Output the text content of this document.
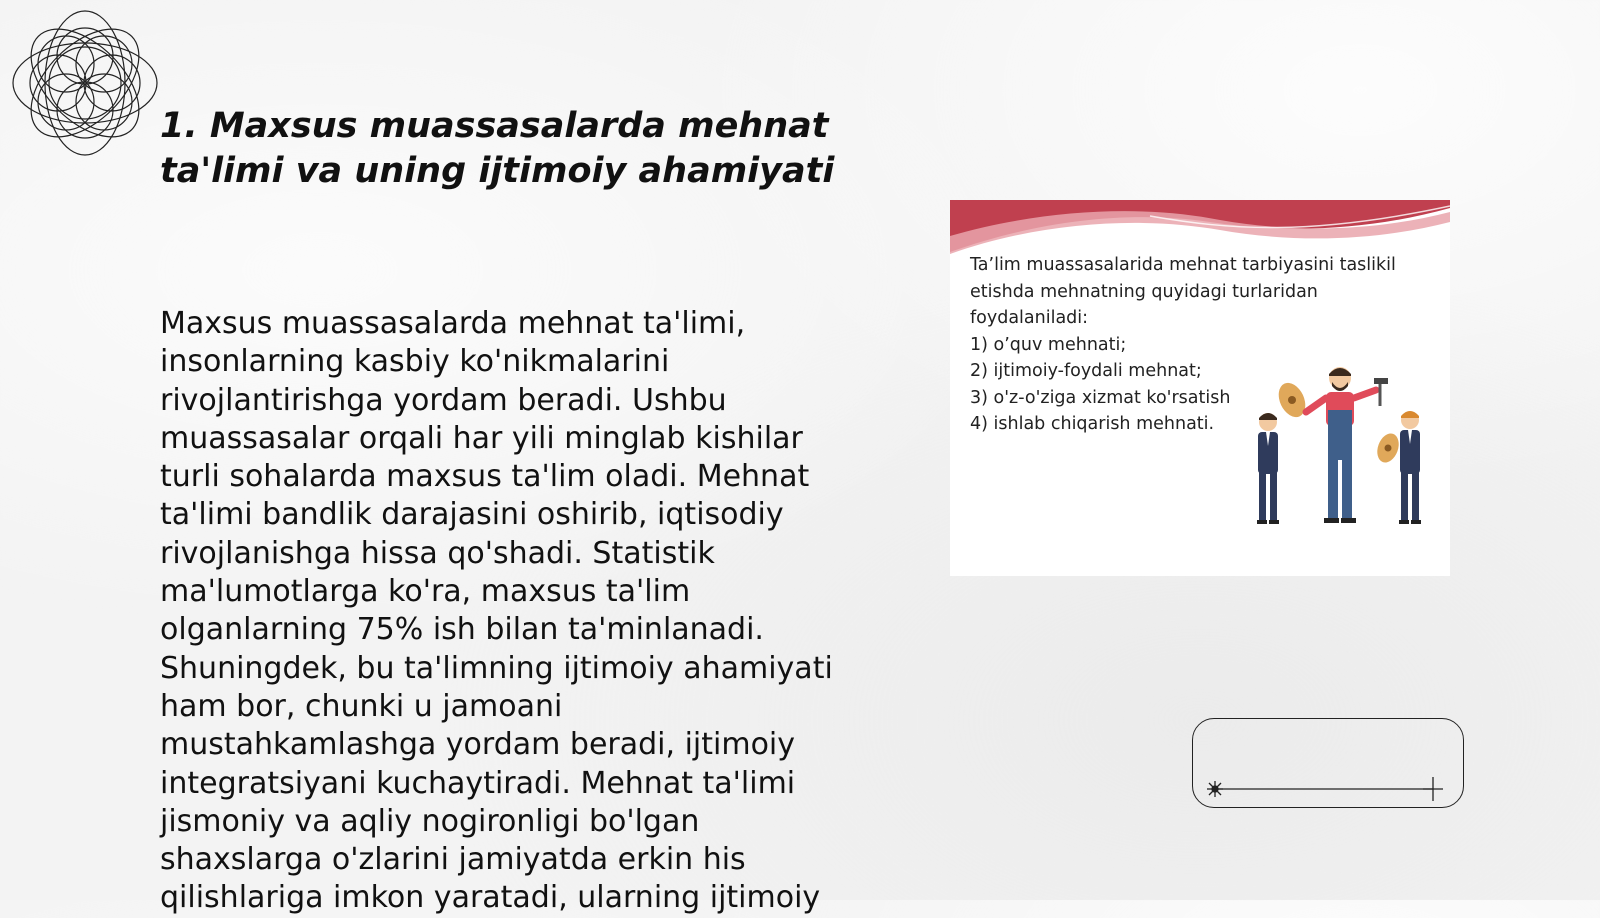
1. Maxsus muassasalarda mehnat ta'limi va uning ijtimoiy ahamiyati

Maxsus muassasalarda mehnat ta'limi, insonlarning kasbiy ko'nikmalarini rivojlantirishga yordam beradi. Ushbu muassasalar orqali har yili minglab kishilar turli sohalarda maxsus ta'lim oladi. Mehnat ta'limi bandlik darajasini oshirib, iqtisodiy rivojlanishga hissa qo'shadi. Statistik ma'lumotlarga ko'ra, maxsus ta'lim olganlarning 75% ish bilan ta'minlanadi. Shuningdek, bu ta'limning ijtimoiy ahamiyati ham bor, chunki u jamoani mustahkamlashga yordam beradi, ijtimoiy integratsiyani kuchaytiradi. Mehnat ta'limi jismoniy va aqliy nogironligi bo'lgan shaxslarga o'zlarini jamiyatda erkin his qilishlariga imkon yaratadi, ularning ijtimoiy

Ta’lim muassasalarida mehnat tarbiyasini taslikil etishda mehnatning quyidagi turlaridan foydalaniladi:
1) o’quv mehnati;
2) ijtimoiy-foydali mehnat;
3) o'z-o'ziga xizmat ko'rsatish
4) ishlab chiqarish mehnati.
